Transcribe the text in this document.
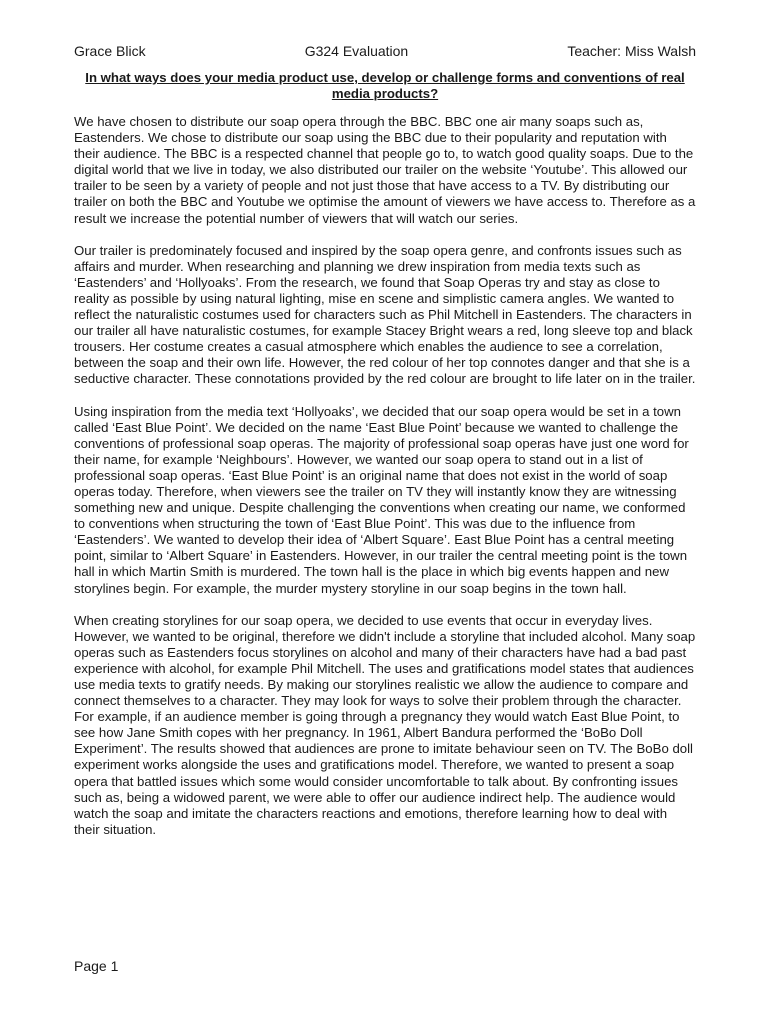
Grace Blick	G324 Evaluation	Teacher: Miss Walsh
In what ways does your media product use, develop or challenge forms and conventions of real media products?

We have chosen to distribute our soap opera through the BBC. BBC one air many soaps such as, Eastenders. We chose to distribute our soap using the BBC due to their popularity and reputation with their audience. The BBC is a respected channel that people go to, to watch good quality soaps. Due to the digital world that we live in today, we also distributed our trailer on the website ‘Youtube’. This allowed our trailer to be seen by a variety of people and not just those that have access to a TV. By distributing our trailer on both the BBC and Youtube we optimise the amount of viewers we have access to. Therefore as a result we increase the potential number of viewers that will watch our series.

Our trailer is predominately focused and inspired by the soap opera genre, and confronts issues such as affairs and murder. When researching and planning we drew inspiration from media texts such as ‘Eastenders’ and ‘Hollyoaks’. From the research, we found that Soap Operas try and stay as close to reality as possible by using natural lighting, mise en scene and simplistic camera angles. We wanted to reflect the naturalistic costumes used for characters such as Phil Mitchell in Eastenders. The characters in our trailer all have naturalistic costumes, for example Stacey Bright wears a red, long sleeve top and black trousers. Her costume creates a casual atmosphere which enables the audience to see a correlation, between the soap and their own life. However, the red colour of her top connotes danger and that she is a seductive character. These connotations provided by the red colour are brought to life later on in the trailer.

Using inspiration from the media text ‘Hollyoaks’, we decided that our soap opera would be set in a town called ‘East Blue Point’. We decided on the name ‘East Blue Point’ because we wanted to challenge the conventions of professional soap operas. The majority of professional soap operas have just one word for their name, for example ‘Neighbours’. However, we wanted our soap opera to stand out in a list of professional soap operas. ‘East Blue Point’ is an original name that does not exist in the world of soap operas today. Therefore, when viewers see the trailer on TV they will instantly know they are witnessing something new and unique. Despite challenging the conventions when creating our name, we conformed to conventions when structuring the town of ‘East Blue Point’. This was due to the influence from ‘Eastenders’. We wanted to develop their idea of ‘Albert Square’. East Blue Point has a central meeting point, similar to ‘Albert Square’ in Eastenders. However, in our trailer the central meeting point is the town hall in which Martin Smith is murdered. The town hall is the place in which big events happen and new storylines begin. For example, the murder mystery storyline in our soap begins in the town hall.

When creating storylines for our soap opera, we decided to use events that occur in everyday lives. However, we wanted to be original, therefore we didn't include a storyline that included alcohol. Many soap operas such as Eastenders focus storylines on alcohol and many of their characters have had a bad past experience with alcohol, for example Phil Mitchell. The uses and gratifications model states that audiences use media texts to gratify needs. By making our storylines realistic we allow the audience to compare and connect themselves to a character. They may look for ways to solve their problem through the character. For example, if an audience member is going through a pregnancy they would watch East Blue Point, to see how Jane Smith copes with her pregnancy. In 1961, Albert Bandura performed the ‘BoBo Doll Experiment’. The results showed that audiences are prone to imitate behaviour seen on TV. The BoBo doll experiment works alongside the uses and gratifications model. Therefore, we wanted to present a soap opera that battled issues which some would consider uncomfortable to talk about. By confronting issues such as, being a widowed parent, we were able to offer our audience indirect help. The audience would watch the soap and imitate the characters reactions and emotions, therefore learning how to deal with their situation.

Page 1
